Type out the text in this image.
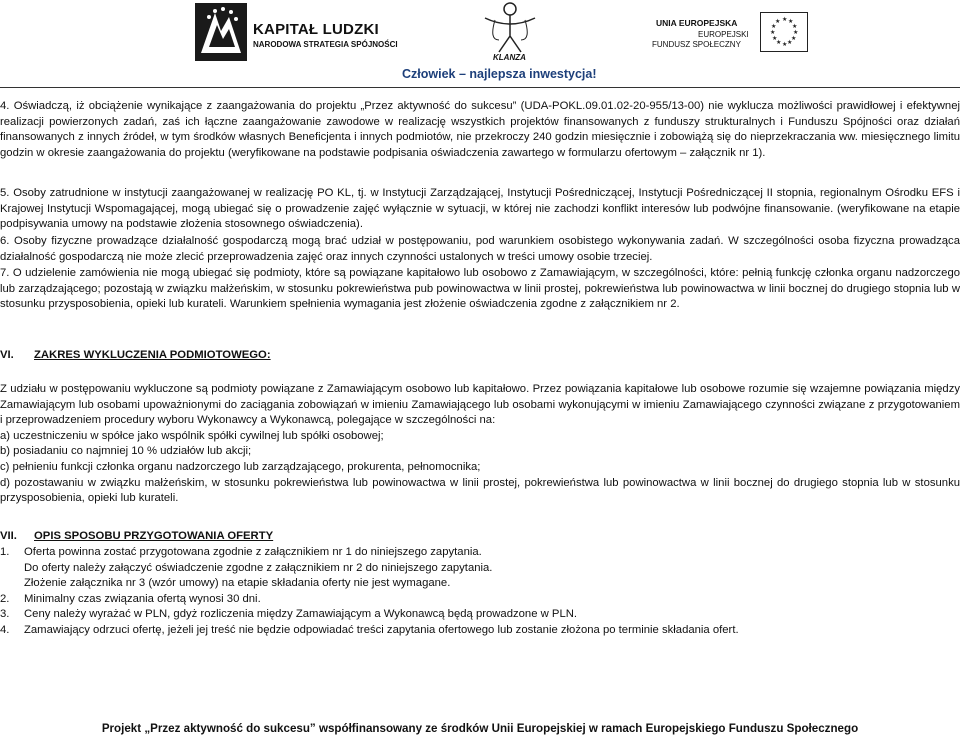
KAPITAŁ LUDZKI
NARODOWA STRATEGIA SPÓJNOŚCI
KLANZA
UNIA EUROPEJSKA
EUROPEJSKI
FUNDUSZ SPOŁECZNY
★ ★
★
★
★
★
★
★
★
★
★
★
Człowiek – najlepsza inwestycja!

4. Oświadczą, iż obciążenie wynikające z zaangażowania do projektu „Przez aktywność do sukcesu” (UDA-POKL.09.01.02-20-955/13-00) nie wyklucza możliwości prawidłowej i efektywnej realizacji powierzonych zadań, zaś ich łączne zaangażowanie zawodowe w realizację wszystkich projektów finansowanych z funduszy strukturalnych i Funduszu Spójności oraz działań finansowanych z innych źródeł, w tym środków własnych Beneficjenta i innych podmiotów, nie przekroczy 240 godzin miesięcznie i zobowiążą się do nieprzekraczania ww. miesięcznego limitu godzin w okresie zaangażowania do projektu (weryfikowane na podstawie podpisania oświadczenia zawartego w formularzu ofertowym – załącznik nr 1).

5. Osoby zatrudnione w instytucji zaangażowanej w realizację PO KL, tj. w Instytucji Zarządzającej, Instytucji Pośredniczącej, Instytucji Pośredniczącej II stopnia, regionalnym Ośrodku EFS i Krajowej Instytucji Wspomagającej, mogą ubiegać się o prowadzenie zajęć wyłącznie w sytuacji, w której nie zachodzi konflikt interesów lub podwójne finansowanie. (weryfikowane na etapie podpisywania umowy na podstawie złożenia stosownego oświadczenia).

6. Osoby fizyczne prowadzące działalność gospodarczą mogą brać udział w postępowaniu, pod warunkiem osobistego wykonywania zadań. W szczególności osoba fizyczna prowadząca działalność gospodarczą nie może zlecić przeprowadzenia zajęć oraz innych czynności ustalonych w treści umowy osobie trzeciej.

7. O udzielenie zamówienia nie mogą ubiegać się podmioty, które są powiązane kapitałowo lub osobowo z Zamawiającym, w szczególności, które: pełnią funkcję członka organu nadzorczego lub zarządzającego; pozostają w związku małżeńskim, w stosunku pokrewieństwa pub powinowactwa w linii prostej, pokrewieństwa lub powinowactwa w linii bocznej do drugiego stopnia lub w stosunku przysposobienia, opieki lub kurateli. Warunkiem spełnienia wymagania jest złożenie oświadczenia zgodne z załącznikiem nr 2.

VI. ZAKRES WYKLUCZENIA PODMIOTOWEGO:

Z udziału w postępowaniu wykluczone są podmioty powiązane z Zamawiającym osobowo lub kapitałowo. Przez powiązania kapitałowe lub osobowe rozumie się wzajemne powiązania między Zamawiającym lub osobami upoważnionymi do zaciągania zobowiązań w imieniu Zamawiającego lub osobami wykonującymi w imieniu Zamawiającego czynności związane z przygotowaniem i przeprowadzeniem procedury wyboru Wykonawcy a Wykonawcą, polegające w szczególności na:

a) uczestniczeniu w spółce jako wspólnik spółki cywilnej lub spółki osobowej;

b) posiadaniu co najmniej 10 % udziałów lub akcji;

c) pełnieniu funkcji członka organu nadzorczego lub zarządzającego, prokurenta, pełnomocnika;

d) pozostawaniu w związku małżeńskim, w stosunku pokrewieństwa lub powinowactwa w linii prostej, pokrewieństwa lub powinowactwa w linii bocznej do drugiego stopnia lub w stosunku przysposobienia, opieki lub kurateli.

VII. OPIS SPOSOBU PRZYGOTOWANIA OFERTY
1. Oferta powinna zostać przygotowana zgodnie z załącznikiem nr 1 do niniejszego zapytania.
Do oferty należy załączyć oświadczenie zgodne z załącznikiem nr 2 do niniejszego zapytania.
Złożenie załącznika nr 3 (wzór umowy) na etapie składania oferty nie jest wymagane.
2. Minimalny czas związania ofertą wynosi 30 dni.
3. Ceny należy wyrażać w PLN, gdyż rozliczenia między Zamawiającym a Wykonawcą będą prowadzone w PLN.
4. Zamawiający odrzuci ofertę, jeżeli jej treść nie będzie odpowiadać treści zapytania ofertowego lub zostanie złożona po terminie składania ofert.
Projekt „Przez aktywność do sukcesu” współfinansowany ze środków Unii Europejskiej w ramach Europejskiego Funduszu Społecznego
